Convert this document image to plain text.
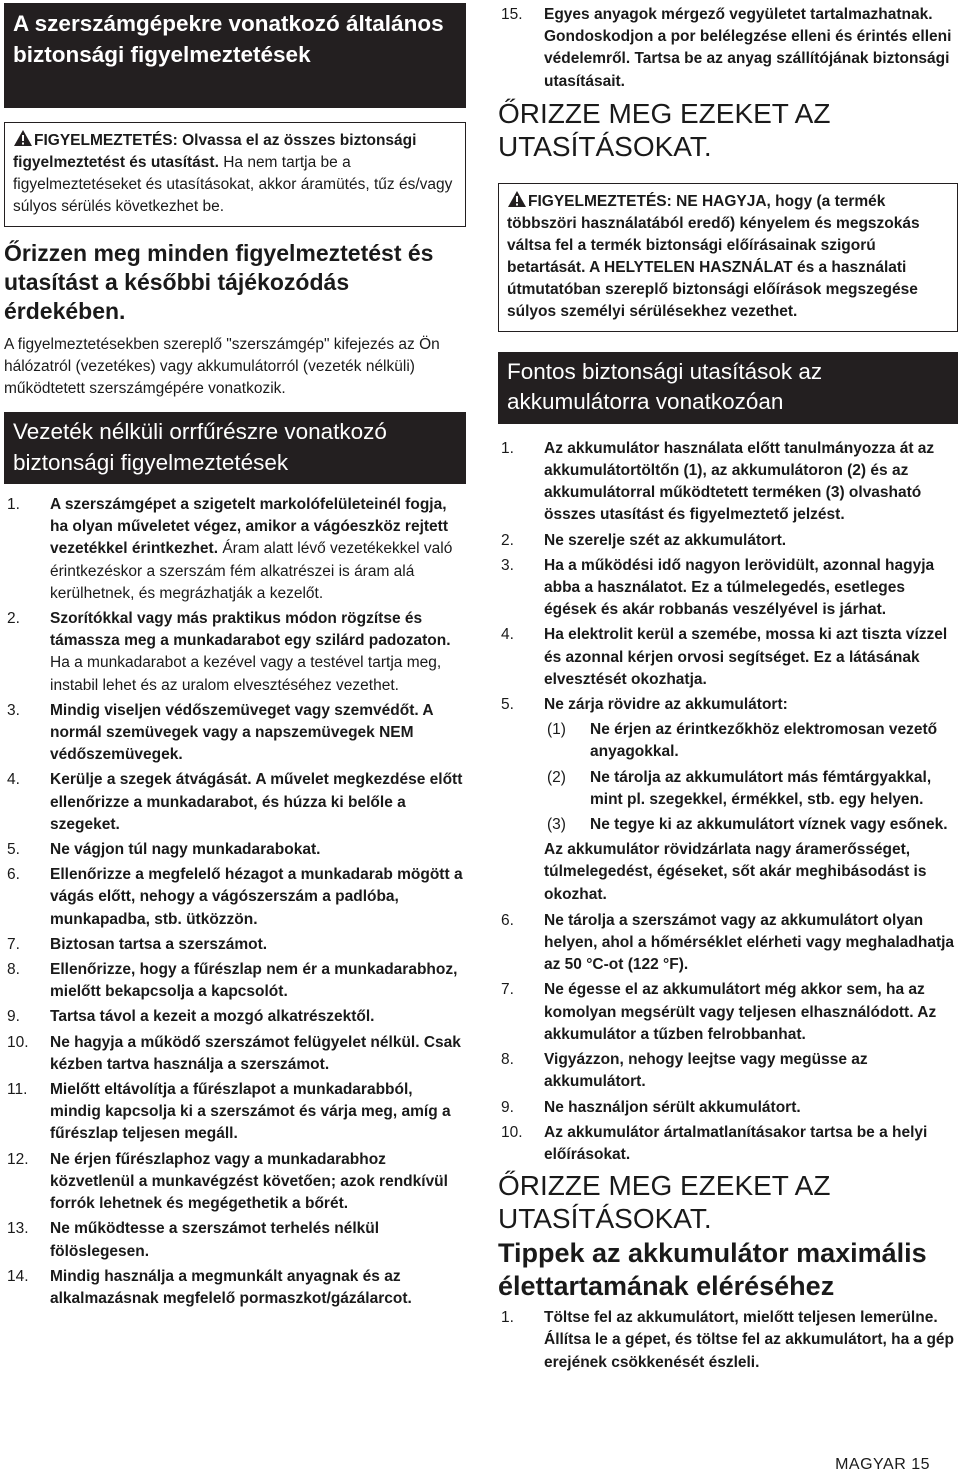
A szerszámgépekre vonatkozó általános biztonsági figyelmeztetések
FIGYELMEZTETÉS: Olvassa el az összes biztonsági figyelmeztetést és utasítást. Ha nem tartja be a figyelmeztetéseket és utasításokat, akkor áramütés, tűz és/vagy súlyos sérülés következhet be.
Őrizzen meg minden figyelmeztetést és utasítást a későbbi tájékozódás érdekében.
A figyelmeztetésekben szereplő "szerszámgép" kifejezés az Ön hálózatról (vezetékes) vagy akkumulátorról (vezeték nélküli) működtetett szerszámgépére vonatkozik.
Vezeték nélküli orrfűrészre vonatkozó biztonsági figyelmeztetések
1. A szerszámgépet a szigetelt markolófelületeinél fogja, ha olyan műveletet végez, amikor a vágóeszköz rejtett vezetékkel érintkezhet. Áram alatt lévő vezetékekkel való érintkezéskor a szerszám fém alkatrészei is áram alá kerülhetnek, és megrázhatják a kezelőt.
2. Szorítókkal vagy más praktikus módon rögzítse és támassza meg a munkadarabot egy szilárd padozaton. Ha a munkadarabot a kezével vagy a testével tartja meg, instabil lehet és az uralom elvesztéséhez vezethet.
3. Mindig viseljen védőszemüveget vagy szemvédőt. A normál szemüvegek vagy a napszemüvegek NEM védőszemüvegek.
4. Kerülje a szegek átvágását. A művelet megkezdése előtt ellenőrizze a munkadarabot, és húzza ki belőle a szegeket.
5. Ne vágjon túl nagy munkadarabokat.
6. Ellenőrizze a megfelelő hézagot a munkadarab mögött a vágás előtt, nehogy a vágószerszám a padlóba, munkapadba, stb. ütközzön.
7. Biztosan tartsa a szerszámot.
8. Ellenőrizze, hogy a fűrészlap nem ér a munkadarabhoz, mielőtt bekapcsolja a kapcsolót.
9. Tartsa távol a kezeit a mozgó alkatrészektől.
10. Ne hagyja a működő szerszámot felügyelet nélkül. Csak kézben tartva használja a szerszámot.
11. Mielőtt eltávolítja a fűrészlapot a munkadarabból, mindig kapcsolja ki a szerszámot és várja meg, amíg a fűrészlap teljesen megáll.
12. Ne érjen fűrészlaphoz vagy a munkadarabhoz közvetlenül a munkavégzést követően; azok rendkívül forrók lehetnek és megégethetik a bőrét.
13. Ne működtesse a szerszámot terhelés nélkül fölöslegesen.
14. Mindig használja a megmunkált anyagnak és az alkalmazásnak megfelelő pormaszkot/gázálarcot.
15. Egyes anyagok mérgező vegyületet tartalmazhatnak. Gondoskodjon a por belélegzése elleni és érintés elleni védelemről. Tartsa be az anyag szállítójának biztonsági utasításait.
ŐRIZZE MEG EZEKET AZ UTASÍTÁSOKAT.
FIGYELMEZTETÉS: NE HAGYJA, hogy (a termék többszöri használatából eredő) kényelem és megszokás váltsa fel a termék biztonsági előírásainak szigorú betartását. A HELYTELEN HASZNÁLAT és a használati útmutatóban szereplő biztonsági előírások megszegése súlyos személyi sérülésekhez vezethet.
Fontos biztonsági utasítások az akkumulátorra vonatkozóan
1. Az akkumulátor használata előtt tanulmányozza át az akkumulátortöltőn (1), az akkumulátoron (2) és az akkumulátorral működtetett terméken (3) olvasható összes utasítást és figyelmeztető jelzést.
2. Ne szerelje szét az akkumulátort.
3. Ha a működési idő nagyon lerövidült, azonnal hagyja abba a használatot. Ez a túlmelegedés, esetleges égések és akár robbanás veszélyével is járhat.
4. Ha elektrolit kerül a szemébe, mossa ki azt tiszta vízzel és azonnal kérjen orvosi segítséget. Ez a látásának elvesztését okozhatja.
5. Ne zárja rövidre az akkumulátort:
(1) Ne érjen az érintkezőkhöz elektromosan vezető anyagokkal.
(2) Ne tárolja az akkumulátort más fémtárgyakkal, mint pl. szegekkel, érmékkel, stb. egy helyen.
(3) Ne tegye ki az akkumulátort víznek vagy esőnek.
Az akkumulátor rövidzárlata nagy áramerősséget, túlmelegedést, égéseket, sőt akár meghibásodást is okozhat.
6. Ne tárolja a szerszámot vagy az akkumulátort olyan helyen, ahol a hőmérséklet elérheti vagy meghaladhatja az 50 °C-ot (122 °F).
7. Ne égesse el az akkumulátort még akkor sem, ha az komolyan megsérült vagy teljesen elhasználódott. Az akkumulátor a tűzben felrobbanhat.
8. Vigyázzon, nehogy leejtse vagy megüsse az akkumulátort.
9. Ne használjon sérült akkumulátort.
10. Az akkumulátor ártalmatlanításakor tartsa be a helyi előírásokat.
ŐRIZZE MEG EZEKET AZ UTASÍTÁSOKAT.
Tippek az akkumulátor maximális élettartamának eléréséhez
1. Töltse fel az akkumulátort, mielőtt teljesen lemerülne. Állítsa le a gépet, és töltse fel az akkumulátort, ha a gép erejének csökkenését észleli.
MAGYAR 15
